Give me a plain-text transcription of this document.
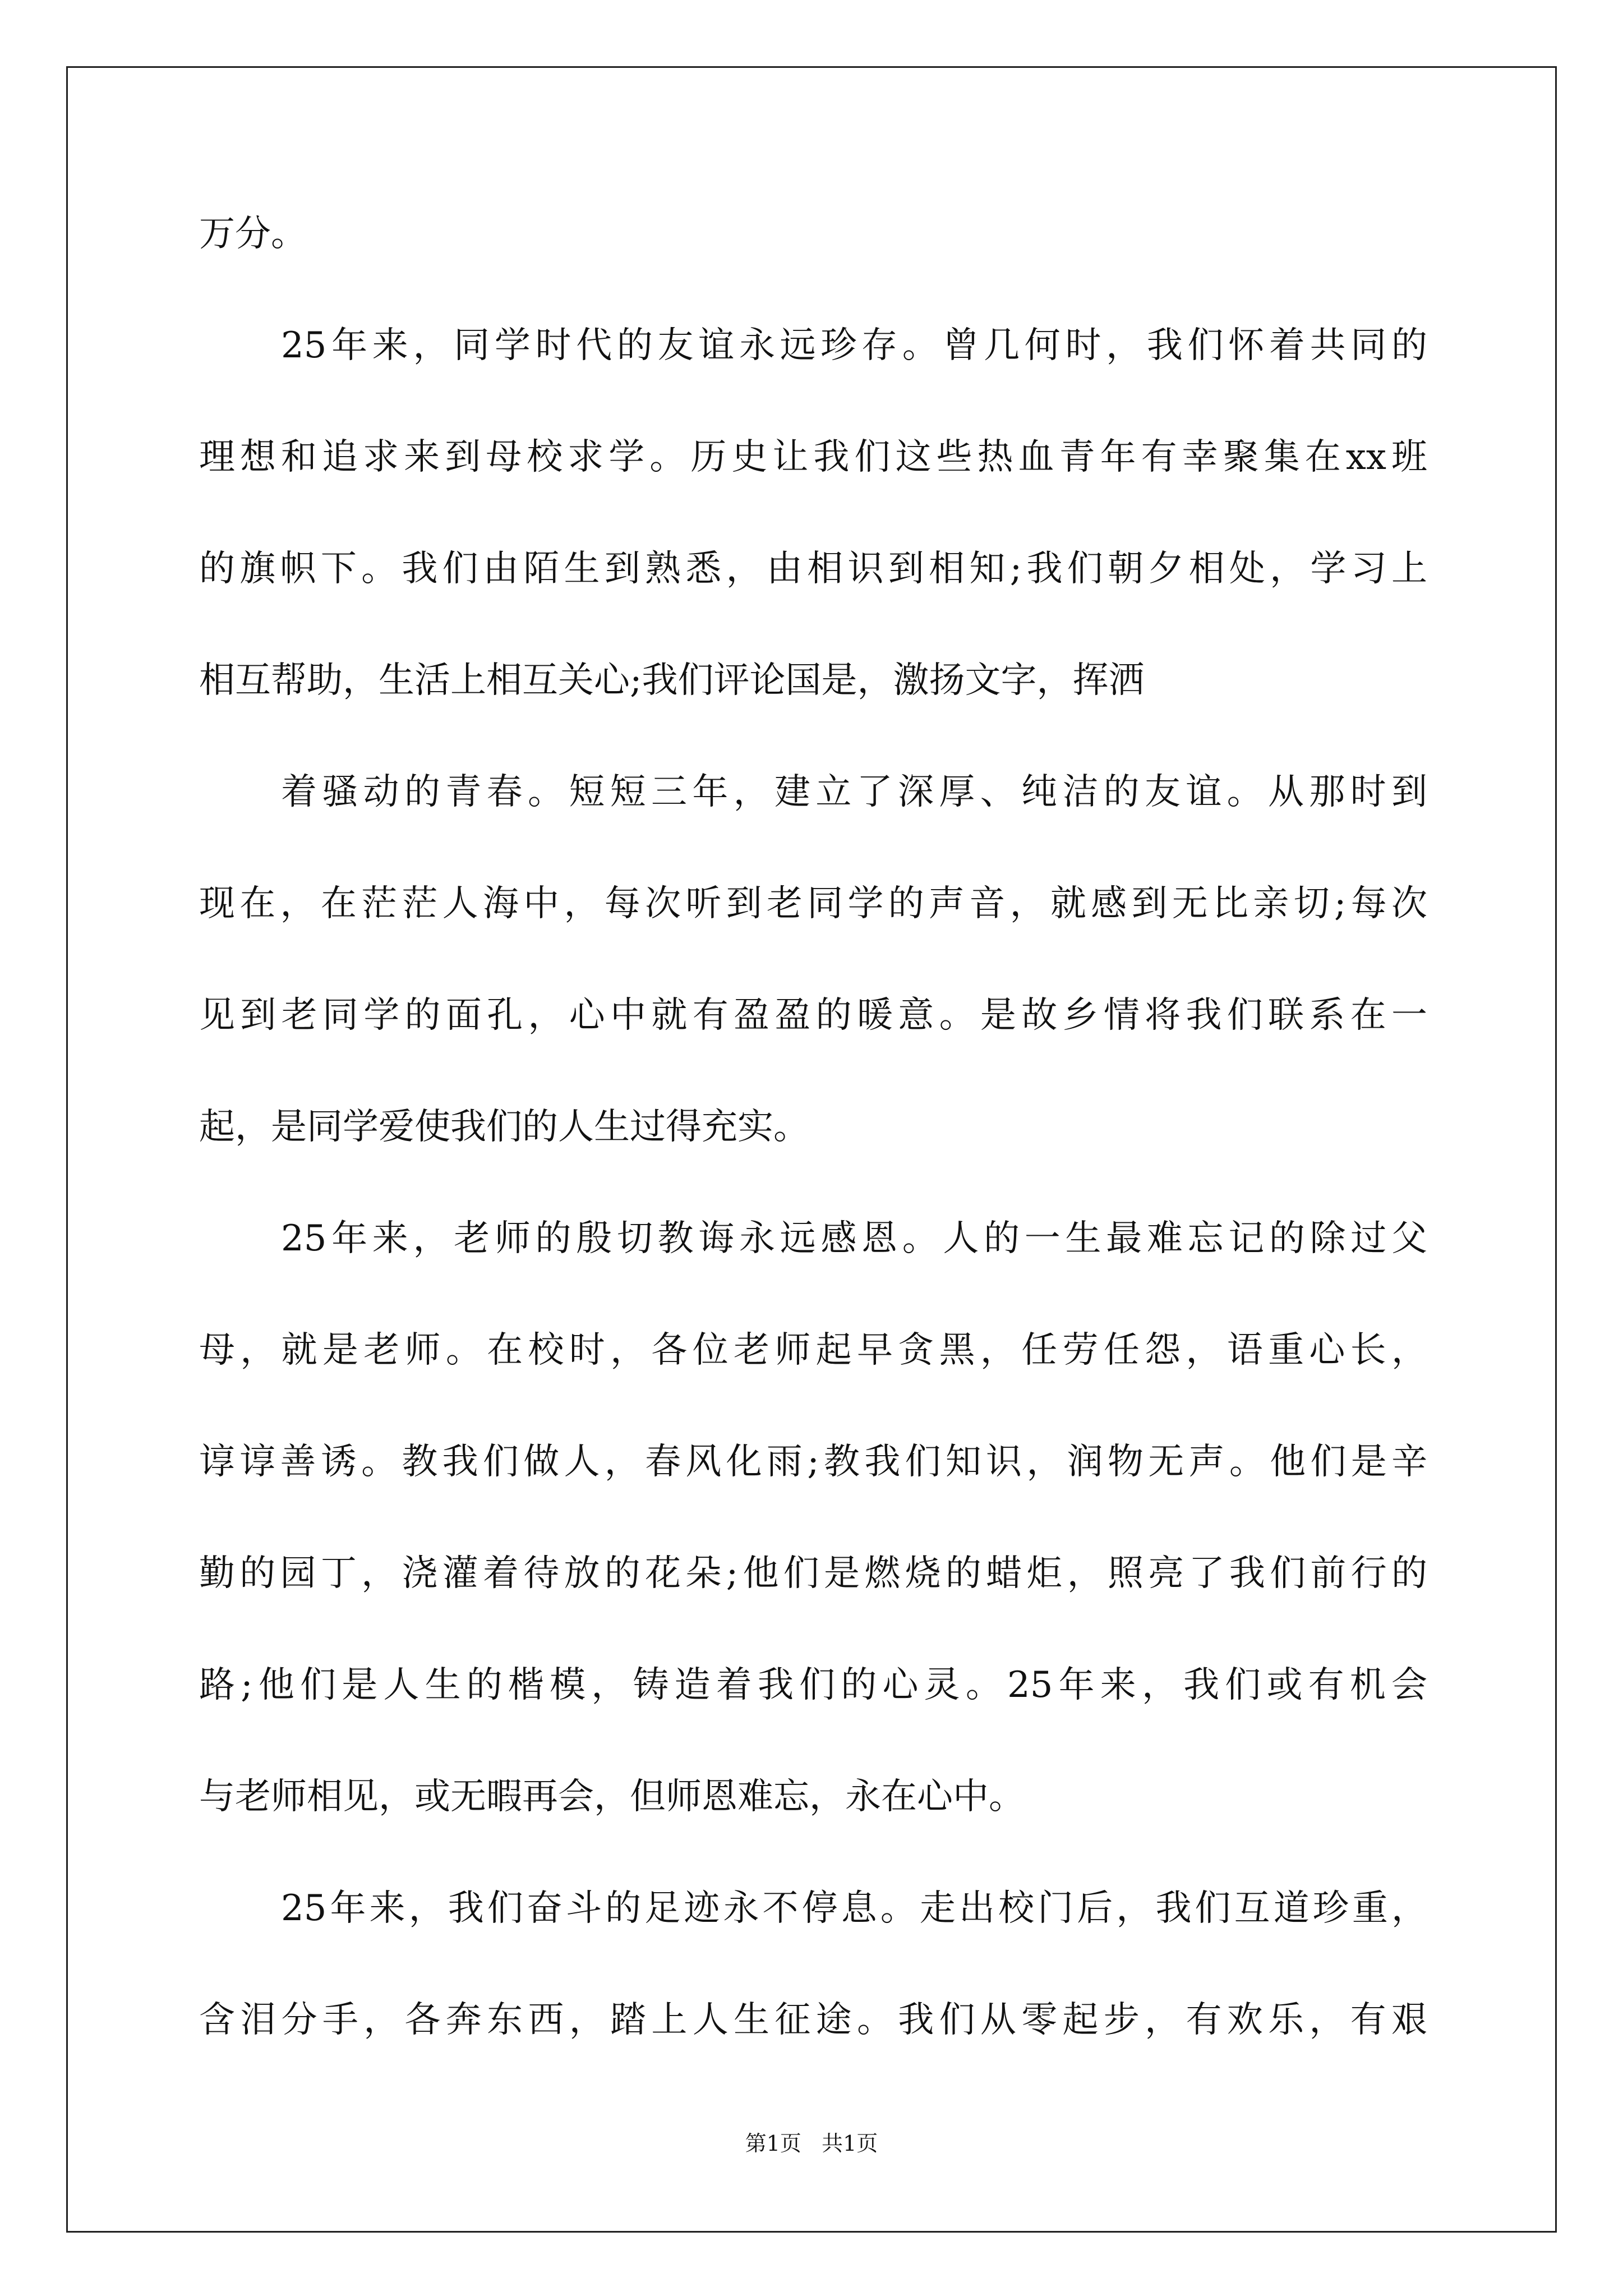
万分。
25年来，同学时代的友谊永远珍存。曾几何时，我们怀着共同的
理想和追求来到母校求学。历史让我们这些热血青年有幸聚集在xx班
的旗帜下。我们由陌生到熟悉，由相识到相知;我们朝夕相处，学习上
相互帮助，生活上相互关心;我们评论国是，激扬文字，挥洒
着骚动的青春。短短三年，建立了深厚、纯洁的友谊。从那时到
现在，在茫茫人海中，每次听到老同学的声音，就感到无比亲切;每次
见到老同学的面孔，心中就有盈盈的暖意。是故乡情将我们联系在一
起，是同学爱使我们的人生过得充实。
25年来，老师的殷切教诲永远感恩。人的一生最难忘记的除过父
母，就是老师。在校时，各位老师起早贪黑，任劳任怨，语重心长，
谆谆善诱。教我们做人，春风化雨;教我们知识，润物无声。他们是辛
勤的园丁，浇灌着待放的花朵;他们是燃烧的蜡炬，照亮了我们前行的
路;他们是人生的楷模，铸造着我们的心灵。25年来，我们或有机会
与老师相见，或无暇再会，但师恩难忘，永在心中。
25年来，我们奋斗的足迹永不停息。走出校门后，我们互道珍重，
含泪分手，各奔东西，踏上人生征途。我们从零起步，有欢乐，有艰
第1页   共1页
